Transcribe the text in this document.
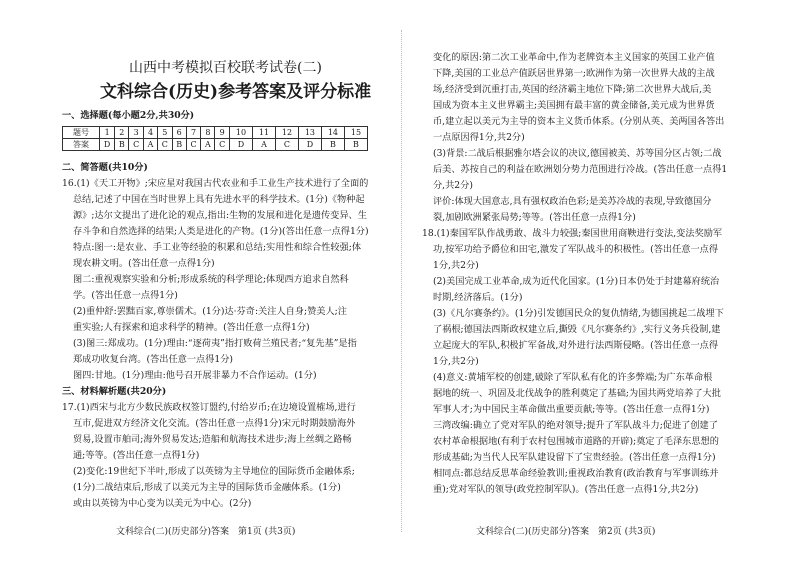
山西中考模拟百校联考试卷(二)
文科综合(历史)参考答案及评分标准
一、选择题(每小题2分,共30分)
题号	1	2	3	4	5	6	7	8	9	10	11	12	13	14	15
答案	D	B	C	A	C	B	C	A	C	D	A	C	D	B	B
二、简答题(共10分)
16.(1)《天工开物》;宋应星对我国古代农业和手工业生产技术进行了全面的
总结,记述了中国在当时世界上具有先进水平的科学技术。(1分)《物种起
源》;达尔文提出了进化论的观点,指出:生物的发展和进化是遗传变异、生
存斗争和自然选择的结果;人类是进化的产物。(1分)(答出任意一点得1分)
特点:图一:是农业、手工业等经验的积累和总结;实用性和综合性较强;体
现农耕文明。(答出任意一点得1分)
图二:重视观察实验和分析;形成系统的科学理论;体现西方追求自然科
学。(答出任意一点得1分)
(2)重仲舒:罢黜百家,尊崇儒术。(1分)达·芬奇:关注人自身;赞美人;注
重实验;人有探索和追求科学的精神。(答出任意一点得1分)
(3)图三:郑成功。(1分)理由:“逐荷夷”指打败荷兰殖民者;“复先基”是指
郑成功收复台湾。(答出任意一点得1分)
图四:甘地。(1分)理由:他号召开展非暴力不合作运动。(1分)
三、材料解析题(共20分)
17.(1)西宋与北方少数民族政权签订盟约,付给岁币;在边境设置榷场,进行
互市,促进双方经济文化交流。(答出任意一点得1分)宋元时期鼓励海外
贸易,设置市舶司;海外贸易发达;造船和航海技术进步;海上丝绸之路畅
通;等等。(答出任意一点得1分)
(2)变化:19世纪下半叶,形成了以英镑为主导地位的国际货币金融体系;
(1分)二战结束后,形成了以美元为主导的国际货币金融体系。(1分)
或由以英镑为中心变为以美元为中心。(2分)
文科综合(二)(历史部分)答案　第1页 (共3页)
变化的原因:第二次工业革命中,作为老牌资本主义国家的英国工业产值
下降,美国的工业总产值跃居世界第一;欧洲作为第一次世界大战的主战
场,经济受到沉重打击,英国的经济霸主地位下降;第二次世界大战后,美
国成为资本主义世界霸主;美国拥有最丰富的黄金储备,美元成为世界货
币,建立起以美元为主导的资本主义货币体系。(分别从英、美两国各答出
一点原因得1分,共2分)
(3)背景:二战后根据雅尔塔会议的决议,德国被美、苏等国分区占领;二战
后美、苏按自己的利益在欧洲划分势力范围进行冷战。(答出任意一点得1
分,共2分)
评价:体现大国意志,具有强权政治色彩;是美苏冷战的表现,导致德国分
裂,加剧欧洲紧张局势;等等。(答出任意一点得1分)
18.(1)秦国军队作战勇敢、战斗力较强;秦国世用商鞅进行变法,变法奖励军
功,按军功给予爵位和田宅,激发了军队战斗的积极性。(答出任意一点得
1分,共2分)
(2)美国完成工业革命,成为近代化国家。(1分)日本仍处于封建幕府统治
时期,经济落后。(1分)
(3)《凡尔赛条约》。(1分)引发德国民众的复仇情绪,为德国挑起二战埋下
了祸根;德国法西斯政权建立后,撕毁《凡尔赛条约》,实行义务兵役制,建
立起庞大的军队,积极扩军备战,对外进行法西斯侵略。(答出任意一点得
1分,共2分)
(4)意义:黄埔军校的创建,破除了军队私有化的许多弊端;为广东革命根
据地的统一、巩固及北伐战争的胜利奠定了基础;为国共两党培养了大批
军事人才;为中国民主革命做出重要贡献;等等。(答出任意一点得1分)
三湾改编:确立了党对军队的绝对领导;提升了军队战斗力;促进了创建了
农村革命根据地(有利于农村包围城市道路的开辟);奠定了毛泽东思想的
形成基础;为当代人民军队建设留下了宝贵经验。(答出任意一点得1分)
相同点:都总结反思革命经验教训;重视政治教育(政治教育与军事训练并
重);党对军队的领导(政党控制军队)。(答出任意一点得1分,共2分)
文科综合(二)(历史部分)答案　第2页 (共3页)
